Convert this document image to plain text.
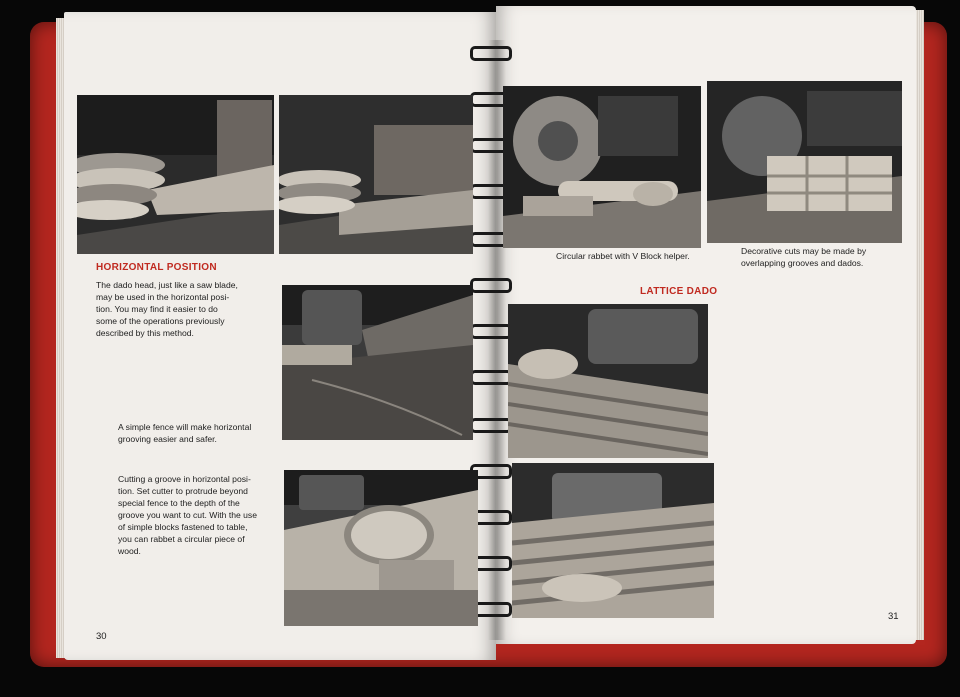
HORIZONTAL POSITION
The dado head, just like a saw blade,
may be used in the horizontal posi-
tion. You may find it easier to do
some of the operations previously
described by this method.
A simple fence will make horizontal
grooving easier and safer.
Cutting a groove in horizontal posi-
tion. Set cutter to protrude beyond
special fence to the depth of the
groove you want to cut. With the use
of simple blocks fastened to table,
you can rabbet a circular piece of
wood.
30
Circular rabbet with V Block helper.	Decorative cuts may be made by
overlapping grooves and dados.
LATTICE DADO
31
